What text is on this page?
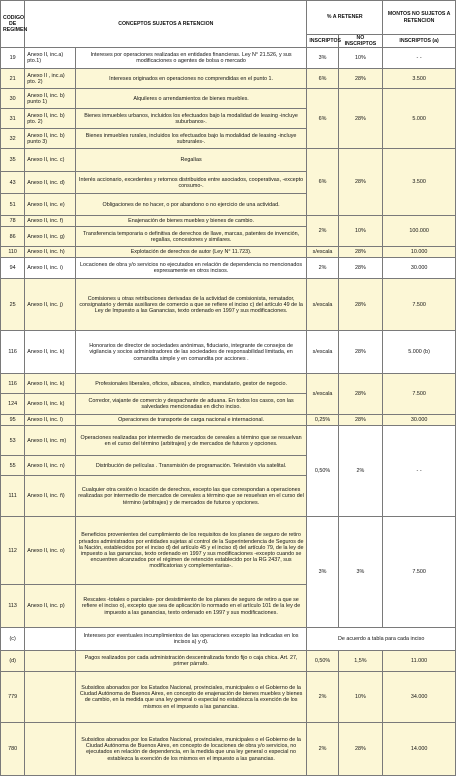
CODIGO DE REGIMEN	CONCEPTOS SUJETOS A RETENCION		% A RETENER		MONTOS NO SUJETOS A RETENCION
			INSCRIPTOS	NO INSCRIPTOS	INSCRIPTOS (a)
19	Anexo II, inc.a) pto.1)	Intereses por operaciones realizadas en entidades financieras. Ley N° 21.526, y sus modificaciones o agentes de bolsa o mercado	3%	10%	- -
21	Anexo II , inc.a) pto. 2)	Intereses originados en operaciones no comprendidas en el punto 1.	6%	28%	3.500
30	Anexo II, inc. b) punto 1)	Alquileres o arrendamientos de bienes muebles.	6%	28%	5.000
31	Anexo II, inc. b) pto. 2)	Bienes inmuebles urbanos, incluidos los efectuados bajo la modalidad de leasing -incluye suburbanos-.			
32	Anexo II, inc. b) punto 3)	Bienes inmuebles rurales, incluidos los efectuados bajo la modalidad de leasing -incluye subrurales-.			
35	Anexo II, inc. c)	Regalías	6%	28%	3.500
43	Anexo II, inc. d)	Interés accionario, excedentes y retornos distribuidos entre asociados, cooperativas, -excepto consumo-.			
51	Anexo II, inc. e)	Obligaciones de no hacer, o por abandono o no ejercicio de una actividad.			
78	Anexo II, inc. f)	Enajenación de bienes muebles y bienes de cambio.	2%	10%	100.000
86	Anexo II, inc. g)	Transferencia temporaria o definitiva de derechos de llave, marcas, patentes de invención, regalías, concesiones y similares.			
110	Anexo II, inc. h)	Explotación de derechos de autor (Ley N° 11.723).	s/escala	28%	10.000
94	Anexo II, inc. i)	Locaciones de obra y/o servicios no ejecutados en relación de dependencia no mencionados expresamente en otros incisos.	2%	28%	30.000
25	Anexo II, inc. j)	Comisiones u otras retribuciones derivadas de la actividad de comisionista, rematador, consignatario y demás auxiliares de comercio a que se refiere el inciso c) del artículo 49 de la Ley de Impuesto a las Ganancias, texto ordenado en 1997 y sus modificaciones.	s/escala	28%	7.500
116	Anexo II, inc. k)	Honorarios de director de sociedades anónimas, fiduciario, integrante de consejos de vigilancia y socios administradores de las sociedades de responsabilidad limitada, en comandita simple y en comandita por acciones .	s/escala	28%	5.000 (b)
116	Anexo II, inc. k)	Profesionales liberales, oficios, albacea, síndico, mandatario, gestor de negocio.	s/escala	28%	7.500
124	Anexo II, inc. k)	Corredor, viajante de comercio y despachante de aduana. En todos los casos, con las salvedades mencionadas en dicho inciso.			
95	Anexo II, inc. l)	Operaciones de transporte de carga nacional e internacional.	0,25%	28%	30.000
53	Anexo II, inc. m)	Operaciones realizadas por intermedio de mercados de cereales a término que se resuelvan en el curso del término (arbitrajes) y de mercados de futuros y opciones.	0,50%	2%	- -
55	Anexo II, inc. n)	Distribución de películas . Transmisión de programación. Televisión vía satelital.			
111	Anexo II, inc. ñ)	Cualquier otra cesión o locación de derechos, excepto las que correspondan a operaciones realizadas por intermedio de mercados de cereales a término que se resuelvan en el curso del término (arbitrajes) y de mercados de futuros y opciones.			
112	Anexo II, inc. o)	Beneficios provenientes del cumplimiento de los requisitos de los planes de seguro de retiro privados administrados por entidades sujetas al control de la Superintendencia de Seguros de la Nación, establecidos por el inciso d) del artículo 45 y el inciso d) del artículo 79, de la ley de impuesto a las ganancias, texto ordenado en 1997 y sus modificaciones -excepto cuando se encuentren alcanzados por el régimen de retención establecido por la RG 2437, sus modificatorias y complementarias-.	3%	3%	7.500
113	Anexo II, inc. p)	Rescates -totales o parciales- por desistimiento de los planes de seguro de retiro a que se refiere el inciso o), excepto que sea de aplicación lo normado en el artículo 101 de la ley de impuesto a las ganancias, texto ordenado en 1997 y sus modificaciones.			
(c)		Intereses por eventuales incumplimientos de las operaciones excepto las indicadas en los incisos a) y d).	De acuerdo a tabla para cada inciso		
(d)		Pagos realizados por cada administración descentralizada fondo fijo o caja chica. Art. 27, primer párrafo.	0,50%	1,5%	11.000
779		Subsidios abonados por los Estados Nacional, provinciales, municipales o el Gobierno de la Ciudad Autónoma de Buenos Aires, en concepto de enajenación de bienes muebles y bienes de cambio, en la medida que una ley general o especial no establezca la exención de los mismos en el impuesto a las ganancias.	2%	10%	34.000
780		Subsidios abonados por los Estados Nacional, provinciales, municipales o el Gobierno de la Ciudad Autónoma de Buenos Aires, en concepto de locaciones de obra y/o servicios, no ejecutados en relación de dependencia, en la medida que una ley general o especial no establezca la exención de los mismos en el impuesto a las ganancias.	2%	28%	14.000
